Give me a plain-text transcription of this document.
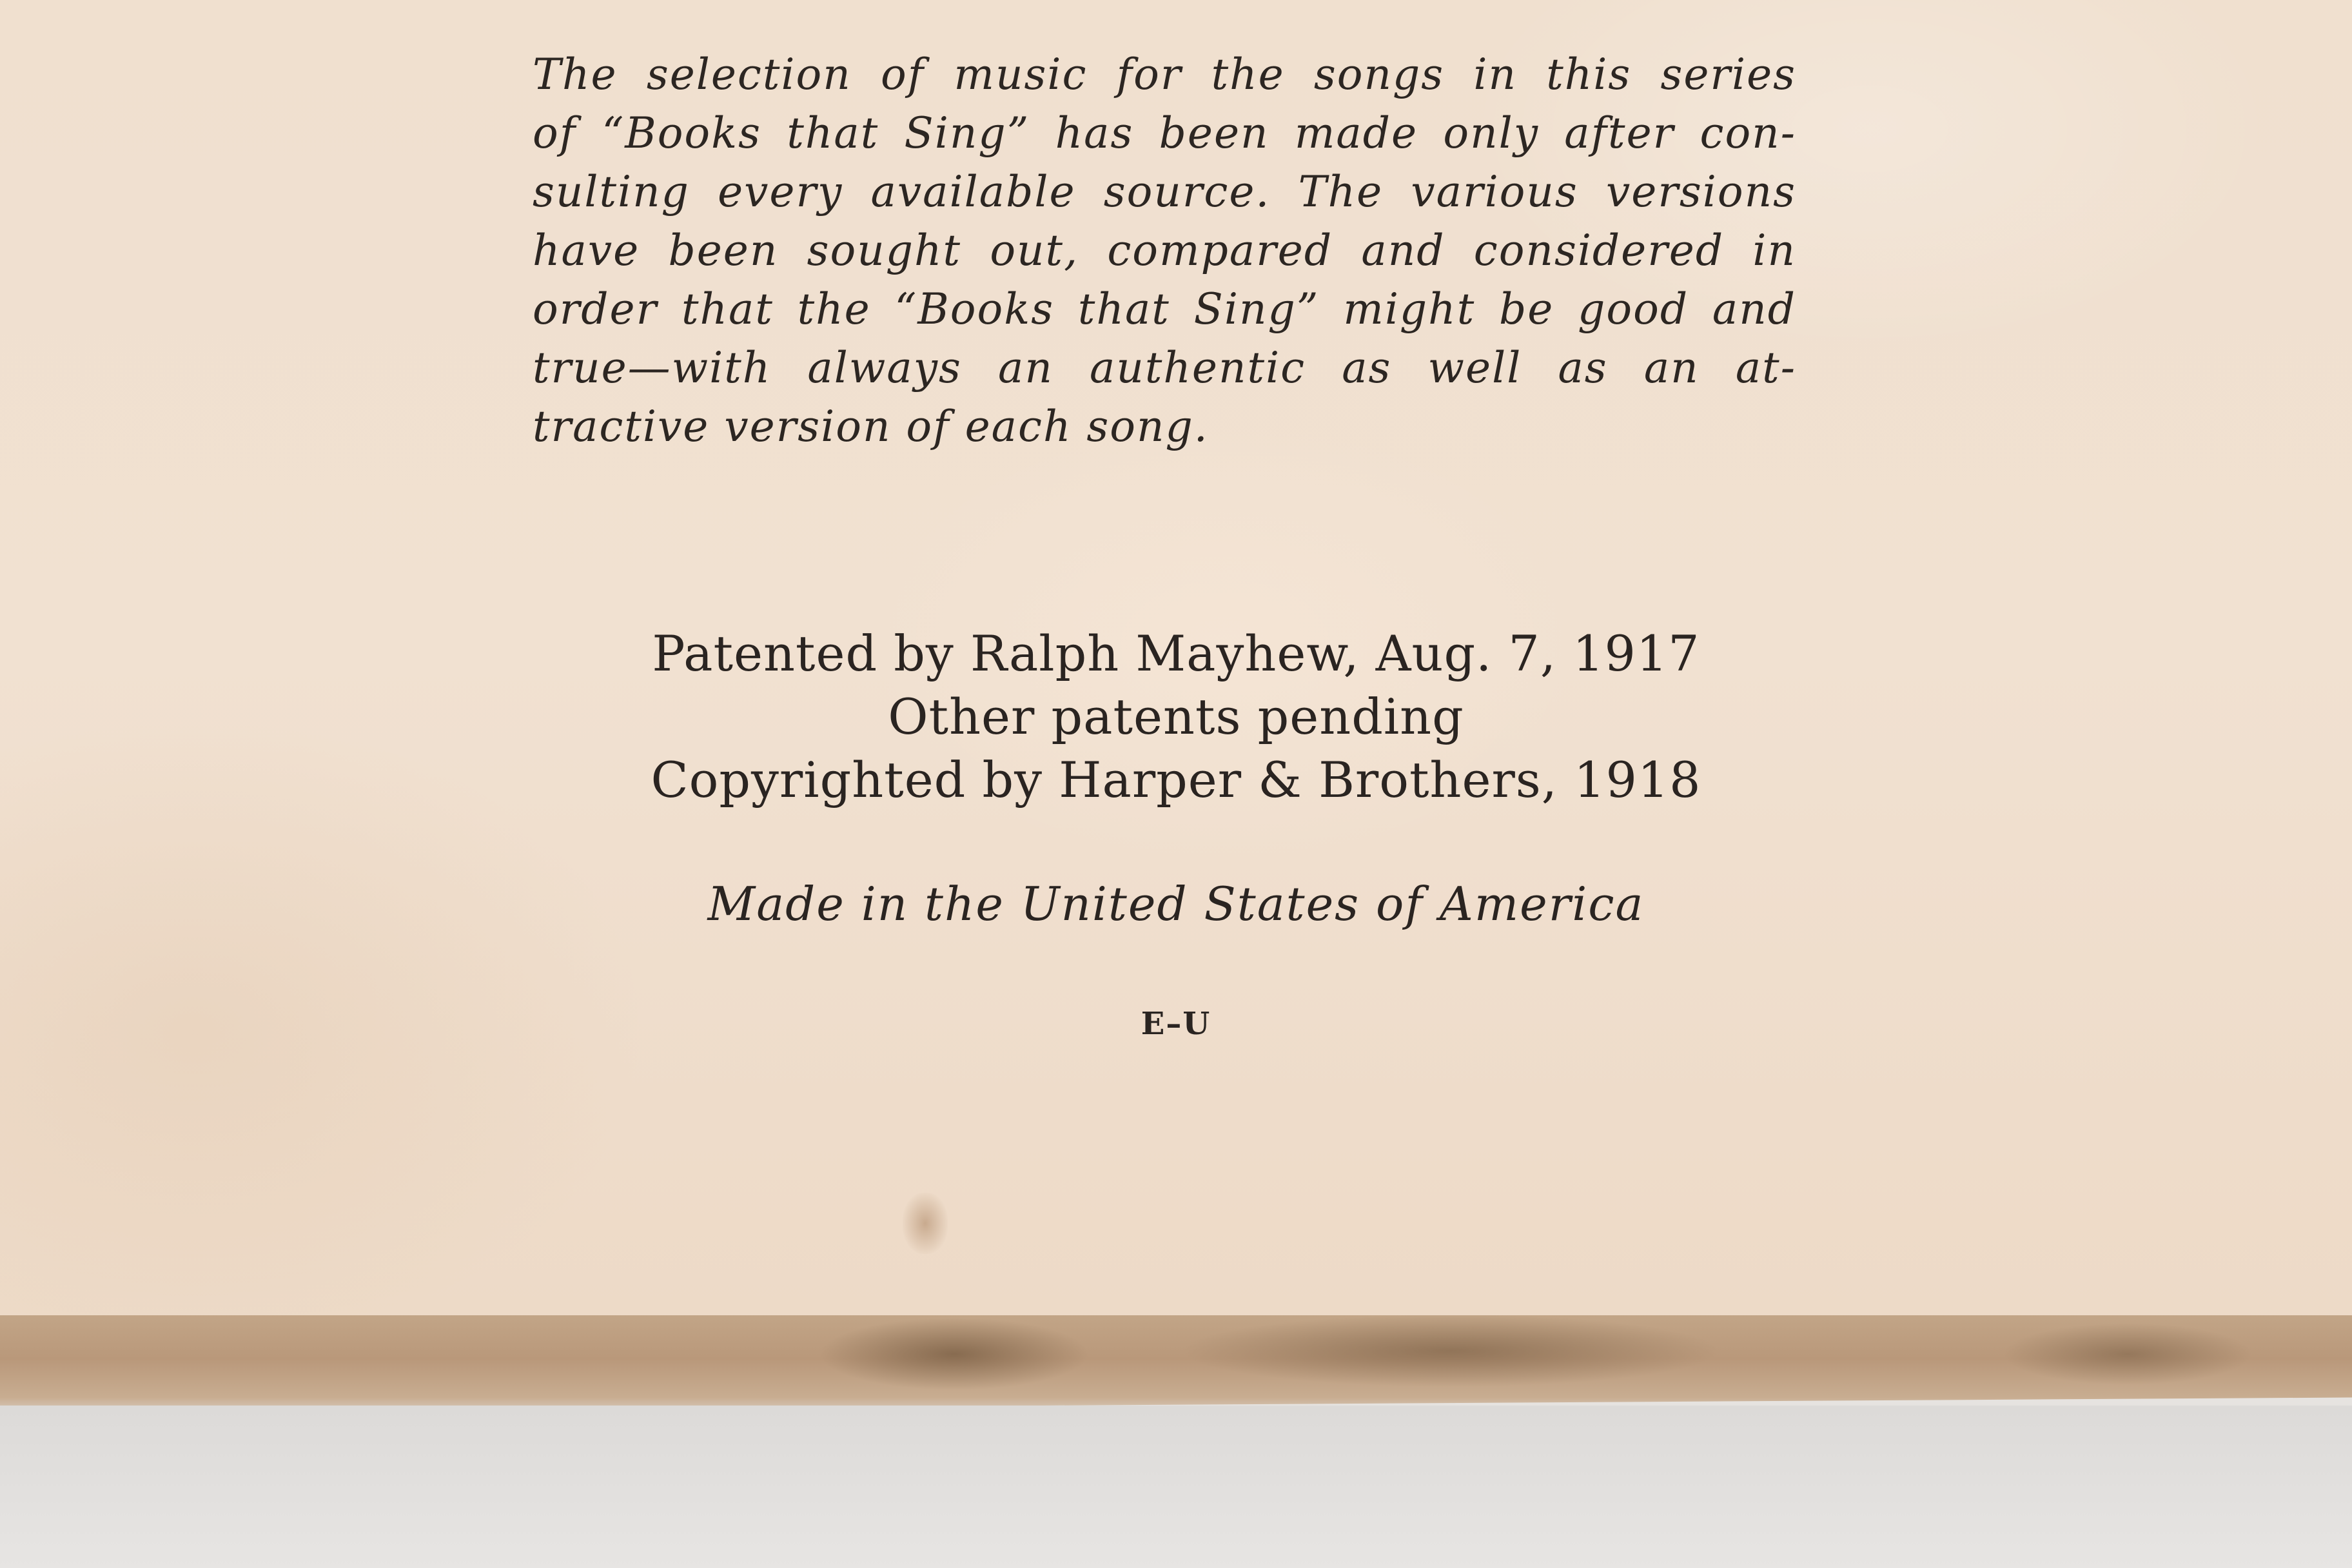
The selection of music for the songs in this series
of “Books that Sing” has been made only after con-
sulting every available source. The various versions
have been sought out, compared and considered in
order that the “Books that Sing” might be good and
true—with always an authentic as well as an at-
tractive version of each song.
Patented by Ralph Mayhew, Aug. 7, 1917
Other patents pending
Copyrighted by Harper & Brothers, 1918
Made in the United States of America
E–U
